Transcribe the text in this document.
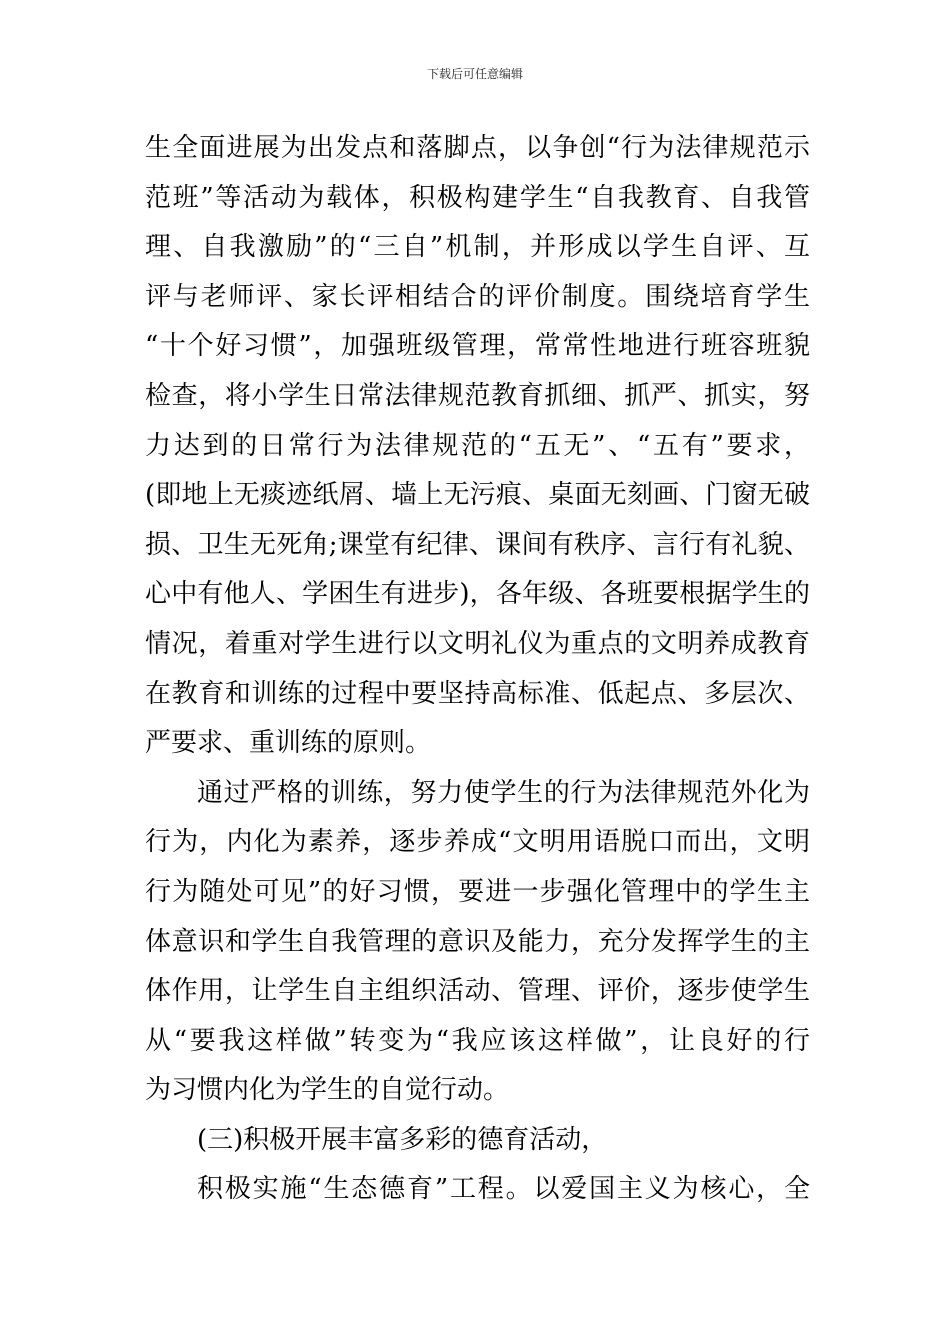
下载后可任意编辑
生全面进展为出发点和落脚点，以争创“行为法律规范示
范班”等活动为载体，积极构建学生“自我教育、自我管
理、自我激励”的“三自”机制，并形成以学生自评、互
评与老师评、家长评相结合的评价制度。围绕培育学生
“十个好习惯”，加强班级管理，常常性地进行班容班貌
检查，将小学生日常法律规范教育抓细、抓严、抓实，努
力达到的日常行为法律规范的“五无”、“五有”要求，
(即地上无痰迹纸屑、墙上无污痕、桌面无刻画、门窗无破
损、卫生无死角;课堂有纪律、课间有秩序、言行有礼貌、
心中有他人、学困生有进步)，各年级、各班要根据学生的
情况，着重对学生进行以文明礼仪为重点的文明养成教育
在教育和训练的过程中要坚持高标准、低起点、多层次、
严要求、重训练的原则。
通过严格的训练，努力使学生的行为法律规范外化为
行为，内化为素养，逐步养成“文明用语脱口而出，文明
行为随处可见”的好习惯，要进一步强化管理中的学生主
体意识和学生自我管理的意识及能力，充分发挥学生的主
体作用，让学生自主组织活动、管理、评价，逐步使学生
从“要我这样做”转变为“我应该这样做”，让良好的行
为习惯内化为学生的自觉行动。
(三)积极开展丰富多彩的德育活动，
积极实施“生态德育”工程。以爱国主义为核心，全
